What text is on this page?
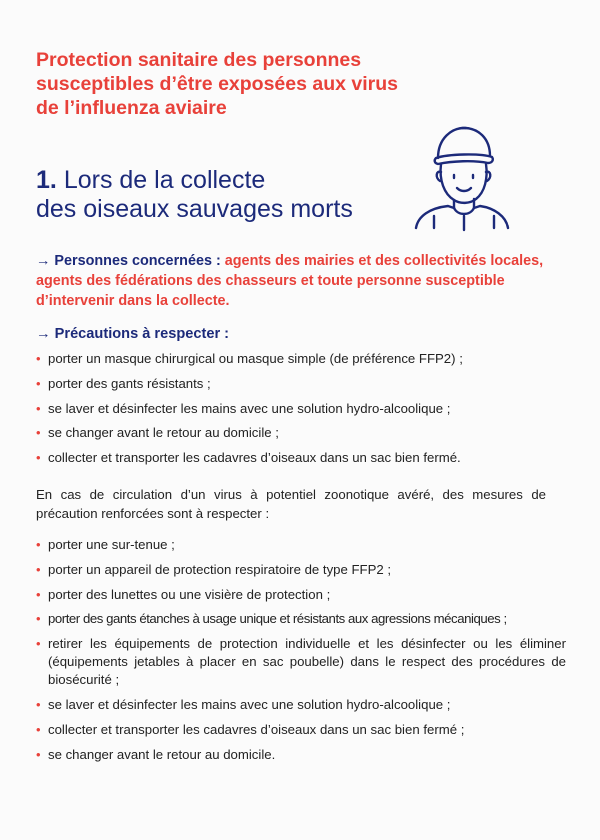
Protection sanitaire des personnes
susceptibles d’être exposées aux virus
de l’influenza aviaire
1. Lors de la collecte
des oiseaux sauvages morts
→ Personnes concernées : agents des mairies et des collectivités locales, agents des fédérations des chasseurs et toute personne susceptible d’intervenir dans la collecte.
→ Précautions à respecter :
• porter un masque chirurgical ou masque simple (de préférence FFP2) ;
• porter des gants résistants ;
• se laver et désinfecter les mains avec une solution hydro-alcoolique ;
• se changer avant le retour au domicile ;
• collecter et transporter les cadavres d’oiseaux dans un sac bien fermé.
En cas de circulation d’un virus à potentiel zoonotique avéré, des mesures de précaution renforcées sont à respecter :
• porter une sur-tenue ;
• porter un appareil de protection respiratoire de type FFP2 ;
• porter des lunettes ou une visière de protection ;
• porter des gants étanches à usage unique et résistants aux agressions mécaniques ;
• retirer les équipements de protection individuelle et les désinfecter ou les éliminer (équipements jetables à placer en sac poubelle) dans le respect des procédures de biosécurité ;
• se laver et désinfecter les mains avec une solution hydro-alcoolique ;
• collecter et transporter les cadavres d’oiseaux dans un sac bien fermé ;
• se changer avant le retour au domicile.
